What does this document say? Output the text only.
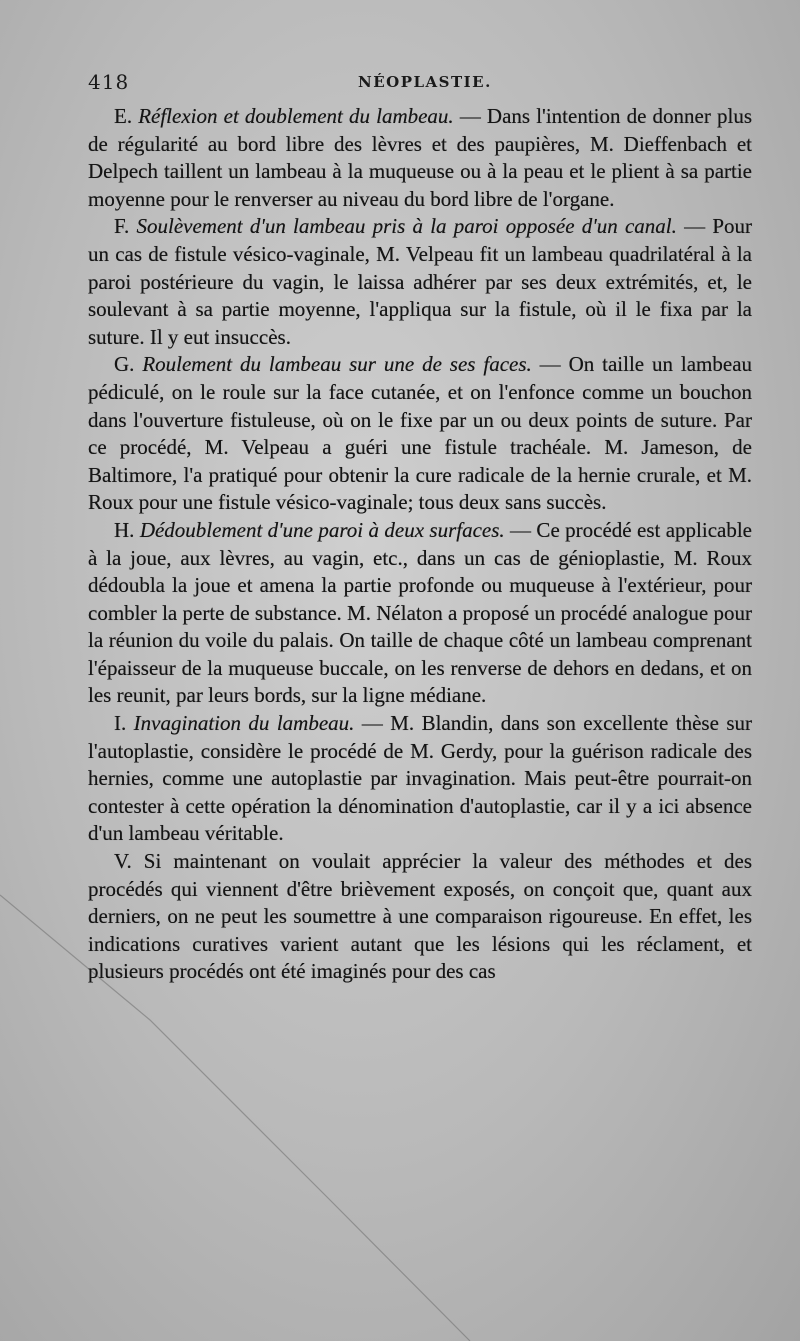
418	NÉOPLASTIE.

E. Réflexion et doublement du lambeau. — Dans l'intention de donner plus de régularité au bord libre des lèvres et des paupières, M. Dieffenbach et Delpech taillent un lambeau à la muqueuse ou à la peau et le plient à sa partie moyenne pour le renverser au niveau du bord libre de l'organe.

F. Soulèvement d'un lambeau pris à la paroi opposée d'un canal. — Pour un cas de fistule vésico-vaginale, M. Velpeau fit un lambeau quadrilatéral à la paroi postérieure du vagin, le laissa adhérer par ses deux extrémités, et, le soulevant à sa partie moyenne, l'appliqua sur la fistule, où il le fixa par la suture. Il y eut insuccès.

G. Roulement du lambeau sur une de ses faces. — On taille un lambeau pédiculé, on le roule sur la face cutanée, et on l'enfonce comme un bouchon dans l'ouverture fistuleuse, où on le fixe par un ou deux points de suture. Par ce procédé, M. Velpeau a guéri une fistule trachéale. M. Jameson, de Baltimore, l'a pratiqué pour obtenir la cure radicale de la hernie crurale, et M. Roux pour une fistule vésico-vaginale; tous deux sans succès.

H. Dédoublement d'une paroi à deux surfaces. — Ce procédé est applicable à la joue, aux lèvres, au vagin, etc., dans un cas de génioplastie, M. Roux dédoubla la joue et amena la partie profonde ou muqueuse à l'extérieur, pour combler la perte de substance. M. Nélaton a proposé un procédé analogue pour la réunion du voile du palais. On taille de chaque côté un lambeau comprenant l'épaisseur de la muqueuse buccale, on les renverse de dehors en dedans, et on les reunit, par leurs bords, sur la ligne médiane.

I. Invagination du lambeau. — M. Blandin, dans son excellente thèse sur l'autoplastie, considère le procédé de M. Gerdy, pour la guérison radicale des hernies, comme une autoplastie par invagination. Mais peut-être pourrait-on contester à cette opération la dénomination d'autoplastie, car il y a ici absence d'un lambeau véritable.

V. Si maintenant on voulait apprécier la valeur des méthodes et des procédés qui viennent d'être brièvement exposés, on conçoit que, quant aux derniers, on ne peut les soumettre à une comparaison rigoureuse. En effet, les indications curatives varient autant que les lésions qui les réclament, et plusieurs procédés ont été imaginés pour des cas
